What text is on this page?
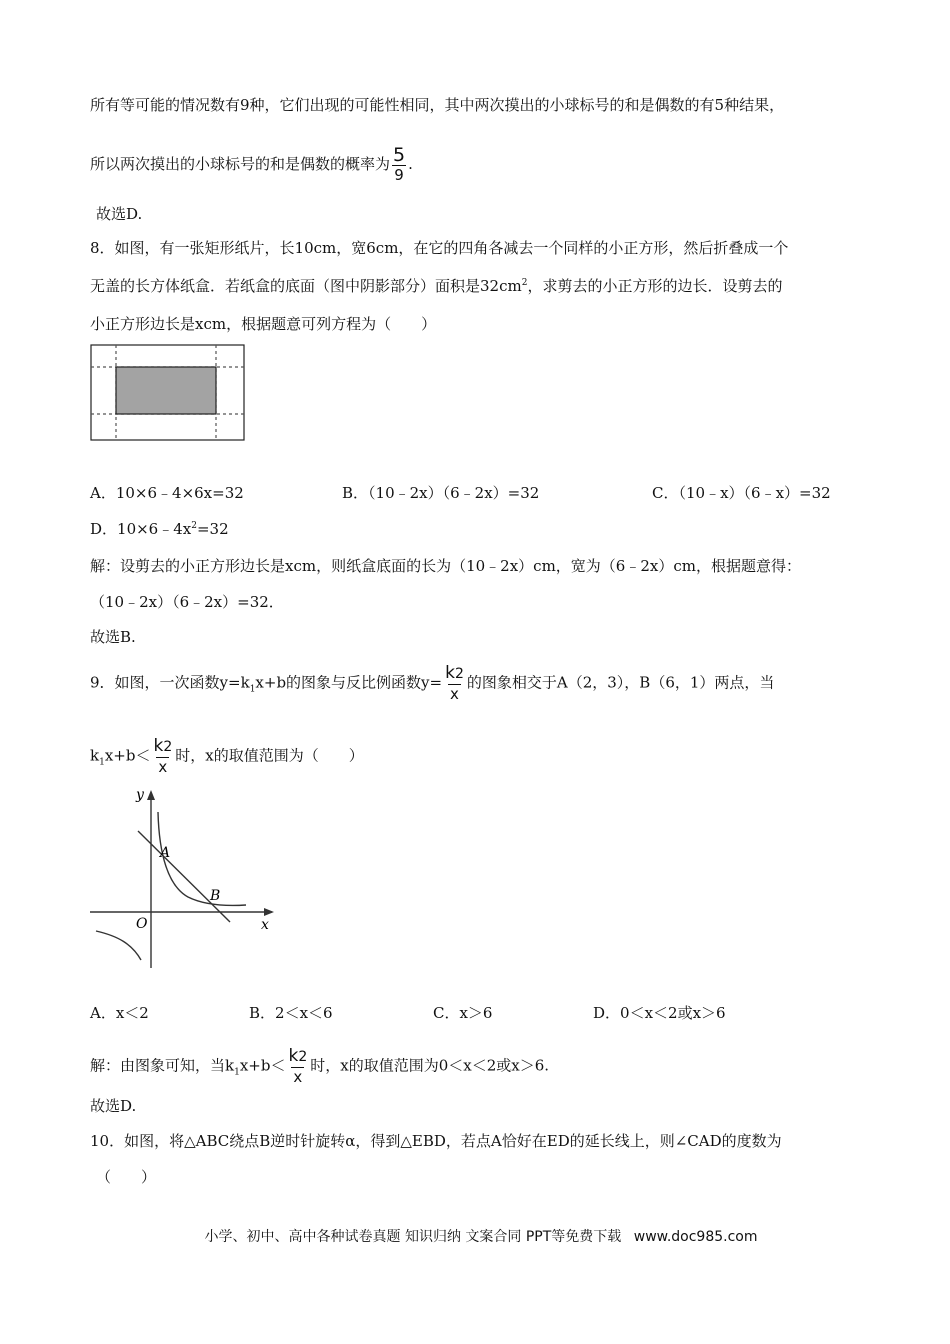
所有等可能的情况数有9种，它们出现的可能性相同，其中两次摸出的小球标号的和是偶数的有5种结果，
所以两次摸出的小球标号的和是偶数的概率为 $\frac{5}{9}$ .
故选D.
8．如图，有一张矩形纸片，长10cm，宽6cm，在它的四角各减去一个同样的小正方形，然后折叠成一个
无盖的长方体纸盒．若纸盒的底面（图中阴影部分）面积是$32cm^2$，求剪去的小正方形的边长．设剪去的
小正方形边长是xcm，根据题意可列方程为（　　）
A．10×6﹣4×6x=32	B．（10﹣2x）（6﹣2x）=32	C．（10﹣x）（6﹣x）=32
D．$10\times 6﹣4x^2=32$
解：设剪去的小正方形边长是xcm，则纸盒底面的长为（10﹣2x）cm，宽为（6﹣2x）cm，根据题意得：
（10﹣2x）（6﹣2x）=32．
故选B.
9．如图，一次函数$y=k_1x+b$的图象与反比例函数$y= \frac{k2}{x}$ 的图象相交于A（2，3），B（6，1）两点，当
$k_1x+b< \frac{k2}{x}$ 时，x的取值范围为（　　）
y
x
O
A
B
A．x＜2	B．2＜x＜6	C．x＞6	D．0＜x＜2或x＞6
解：由图象可知，当$k_1x+b< \frac{k2}{x}$ 时，x的取值范围为0＜x＜2或x＞6.
故选D.
10．如图，将△ABC绕点B逆时针旋转α，得到△EBD，若点A恰好在ED的延长线上，则∠CAD的度数为
（　　）
小学、初中、高中各种试卷真题 知识归纳 文案合同 PPT等免费下载 www.doc985.com
